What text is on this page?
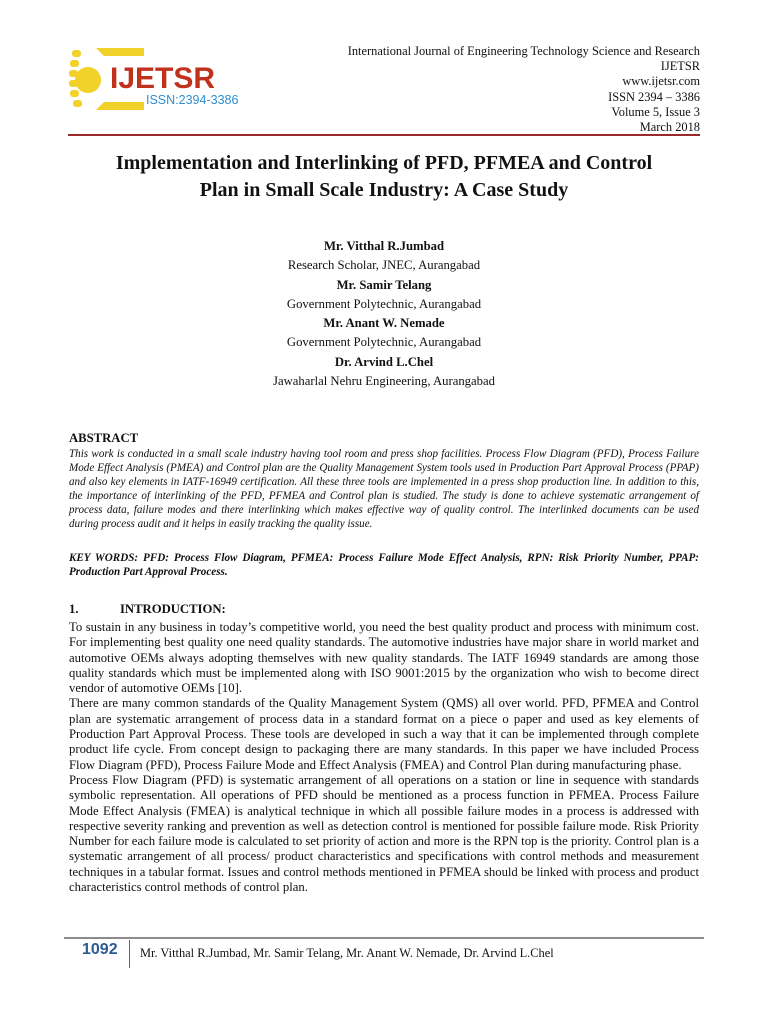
IJETSR
ISSN:2394-3386
International Journal of Engineering Technology Science and Research
IJETSR
www.ijetsr.com
ISSN 2394 – 3386
Volume 5, Issue 3
March 2018
Implementation and Interlinking of PFD, PFMEA and Control
Plan in Small Scale Industry: A Case Study
Mr. Vitthal R.Jumbad
Research Scholar, JNEC, Aurangabad
Mr. Samir Telang
Government Polytechnic, Aurangabad
Mr. Anant W. Nemade
Government Polytechnic, Aurangabad
Dr. Arvind L.Chel
Jawaharlal Nehru Engineering, Aurangabad
ABSTRACT
This work is conducted in a small scale industry having tool room and press shop facilities. Process Flow Diagram (PFD), Process Failure Mode Effect Analysis (PMEA) and Control plan are the Quality Management System tools used in Production Part Approval Process (PPAP) and also key elements in IATF-16949 certification. All these three tools are implemented in a press shop production line. In addition to this, the importance of interlinking of the PFD, PFMEA and Control plan is studied. The study is done to achieve systematic arrangement of process data, failure modes and there interlinking which makes effective way of quality control. The interlinked documents can be used during process audit and it helps in easily tracking the quality issue.
KEY WORDS: PFD: Process Flow Diagram, PFMEA: Process Failure Mode Effect Analysis, RPN: Risk Priority Number, PPAP: Production Part Approval Process.
1.	INTRODUCTION:

To sustain in any business in today’s competitive world, you need the best quality product and process with minimum cost. For implementing best quality one need quality standards. The automotive industries have major share in world market and automotive OEMs always adopting themselves with new quality standards. The IATF 16949 standards are among those quality standards which must be implemented along with ISO 9001:2015 by the organization who wish to become direct vendor of automotive OEMs [10].

There are many common standards of the Quality Management System (QMS) all over world. PFD, PFMEA and Control plan are systematic arrangement of process data in a standard format on a piece o paper and used as key elements of Production Part Approval Process. These tools are developed in such a way that it can be implemented through complete product life cycle. From concept design to packaging there are many standards. In this paper we have included Process Flow Diagram (PFD), Process Failure Mode and Effect Analysis (FMEA) and Control Plan during manufacturing phase.

Process Flow Diagram (PFD) is systematic arrangement of all operations on a station or line in sequence with standards symbolic representation. All operations of PFD should be mentioned as a process function in PFMEA. Process Failure Mode Effect Analysis (FMEA) is analytical technique in which all possible failure modes in a process is addressed with respective severity ranking and prevention as well as detection control is mentioned for possible failure mode. Risk Priority Number for each failure mode is calculated to set priority of action and more is the RPN top is the priority. Control plan is a systematic arrangement of all process/ product characteristics and specifications with control methods and measurement techniques in a tabular format. Issues and control methods mentioned in PFMEA should be linked with process and product characteristics control methods of control plan.

1092 Mr. Vitthal R.Jumbad, Mr. Samir Telang, Mr. Anant W. Nemade, Dr. Arvind L.Chel
